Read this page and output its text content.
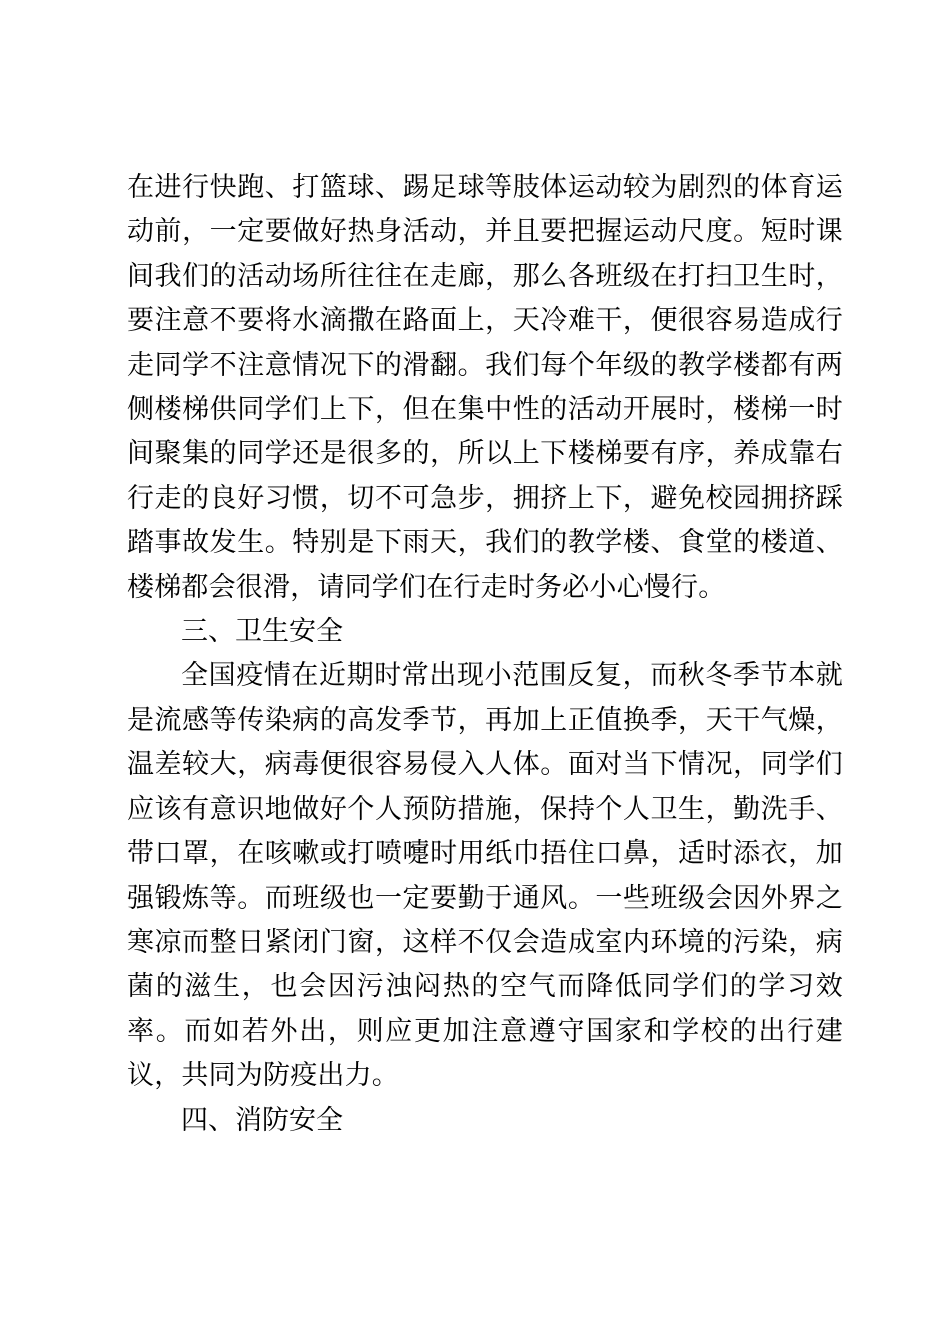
在进行快跑、打篮球、踢足球等肢体运动较为剧烈的体育运动前，一定要做好热身活动，并且要把握运动尺度。短时课间我们的活动场所往往在走廊，那么各班级在打扫卫生时，要注意不要将水滴撒在路面上，天冷难干，便很容易造成行走同学不注意情况下的滑翻。我们每个年级的教学楼都有两侧楼梯供同学们上下，但在集中性的活动开展时，楼梯一时间聚集的同学还是很多的，所以上下楼梯要有序，养成靠右行走的良好习惯，切不可急步，拥挤上下，避免校园拥挤踩踏事故发生。特别是下雨天，我们的教学楼、食堂的楼道、楼梯都会很滑，请同学们在行走时务必小心慢行。

三、卫生安全

全国疫情在近期时常出现小范围反复，而秋冬季节本就是流感等传染病的高发季节，再加上正值换季，天干气燥，温差较大，病毒便很容易侵入人体。面对当下情况，同学们应该有意识地做好个人预防措施，保持个人卫生，勤洗手、带口罩，在咳嗽或打喷嚏时用纸巾捂住口鼻，适时添衣，加强锻炼等。而班级也一定要勤于通风。一些班级会因外界之寒凉而整日紧闭门窗，这样不仅会造成室内环境的污染，病菌的滋生，也会因污浊闷热的空气而降低同学们的学习效率。而如若外出，则应更加注意遵守国家和学校的出行建议，共同为防疫出力。

四、消防安全
